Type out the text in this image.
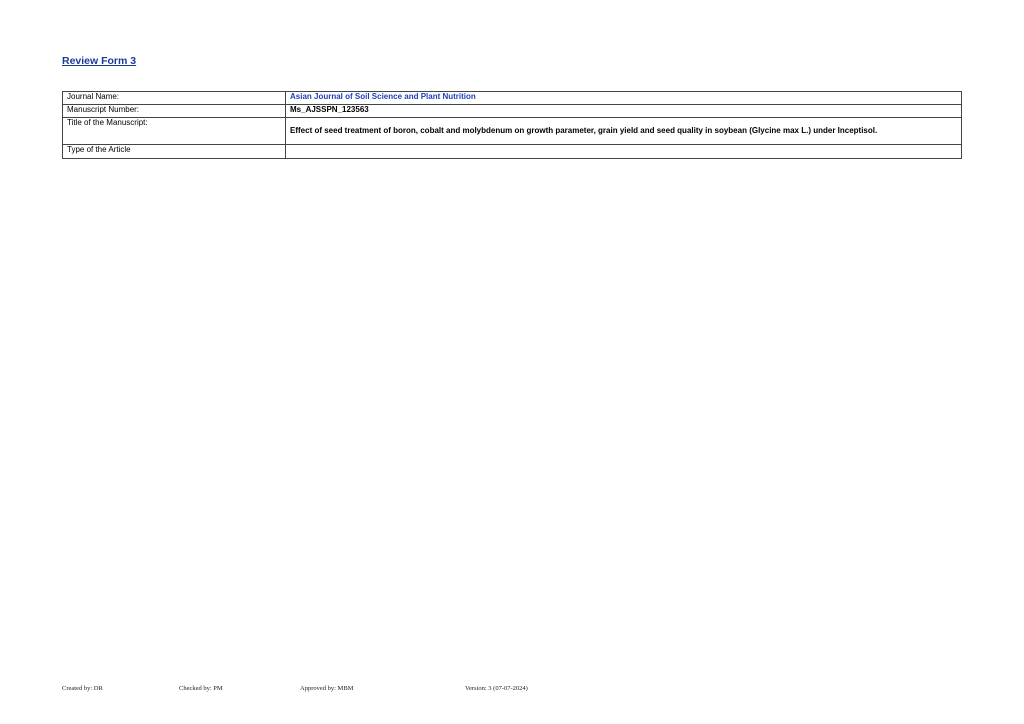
Review Form 3
Journal Name:	Asian Journal of Soil Science and Plant Nutrition
Manuscript Number:	Ms_AJSSPN_123563
Title of the Manuscript:	Effect of seed treatment of boron, cobalt and molybdenum on growth parameter, grain yield and seed quality in soybean (Glycine max L.) under Inceptisol.
Type of the Article	
Created by: DR	Checked by: PM	Approved by: MBM	Version: 3 (07-07-2024)
